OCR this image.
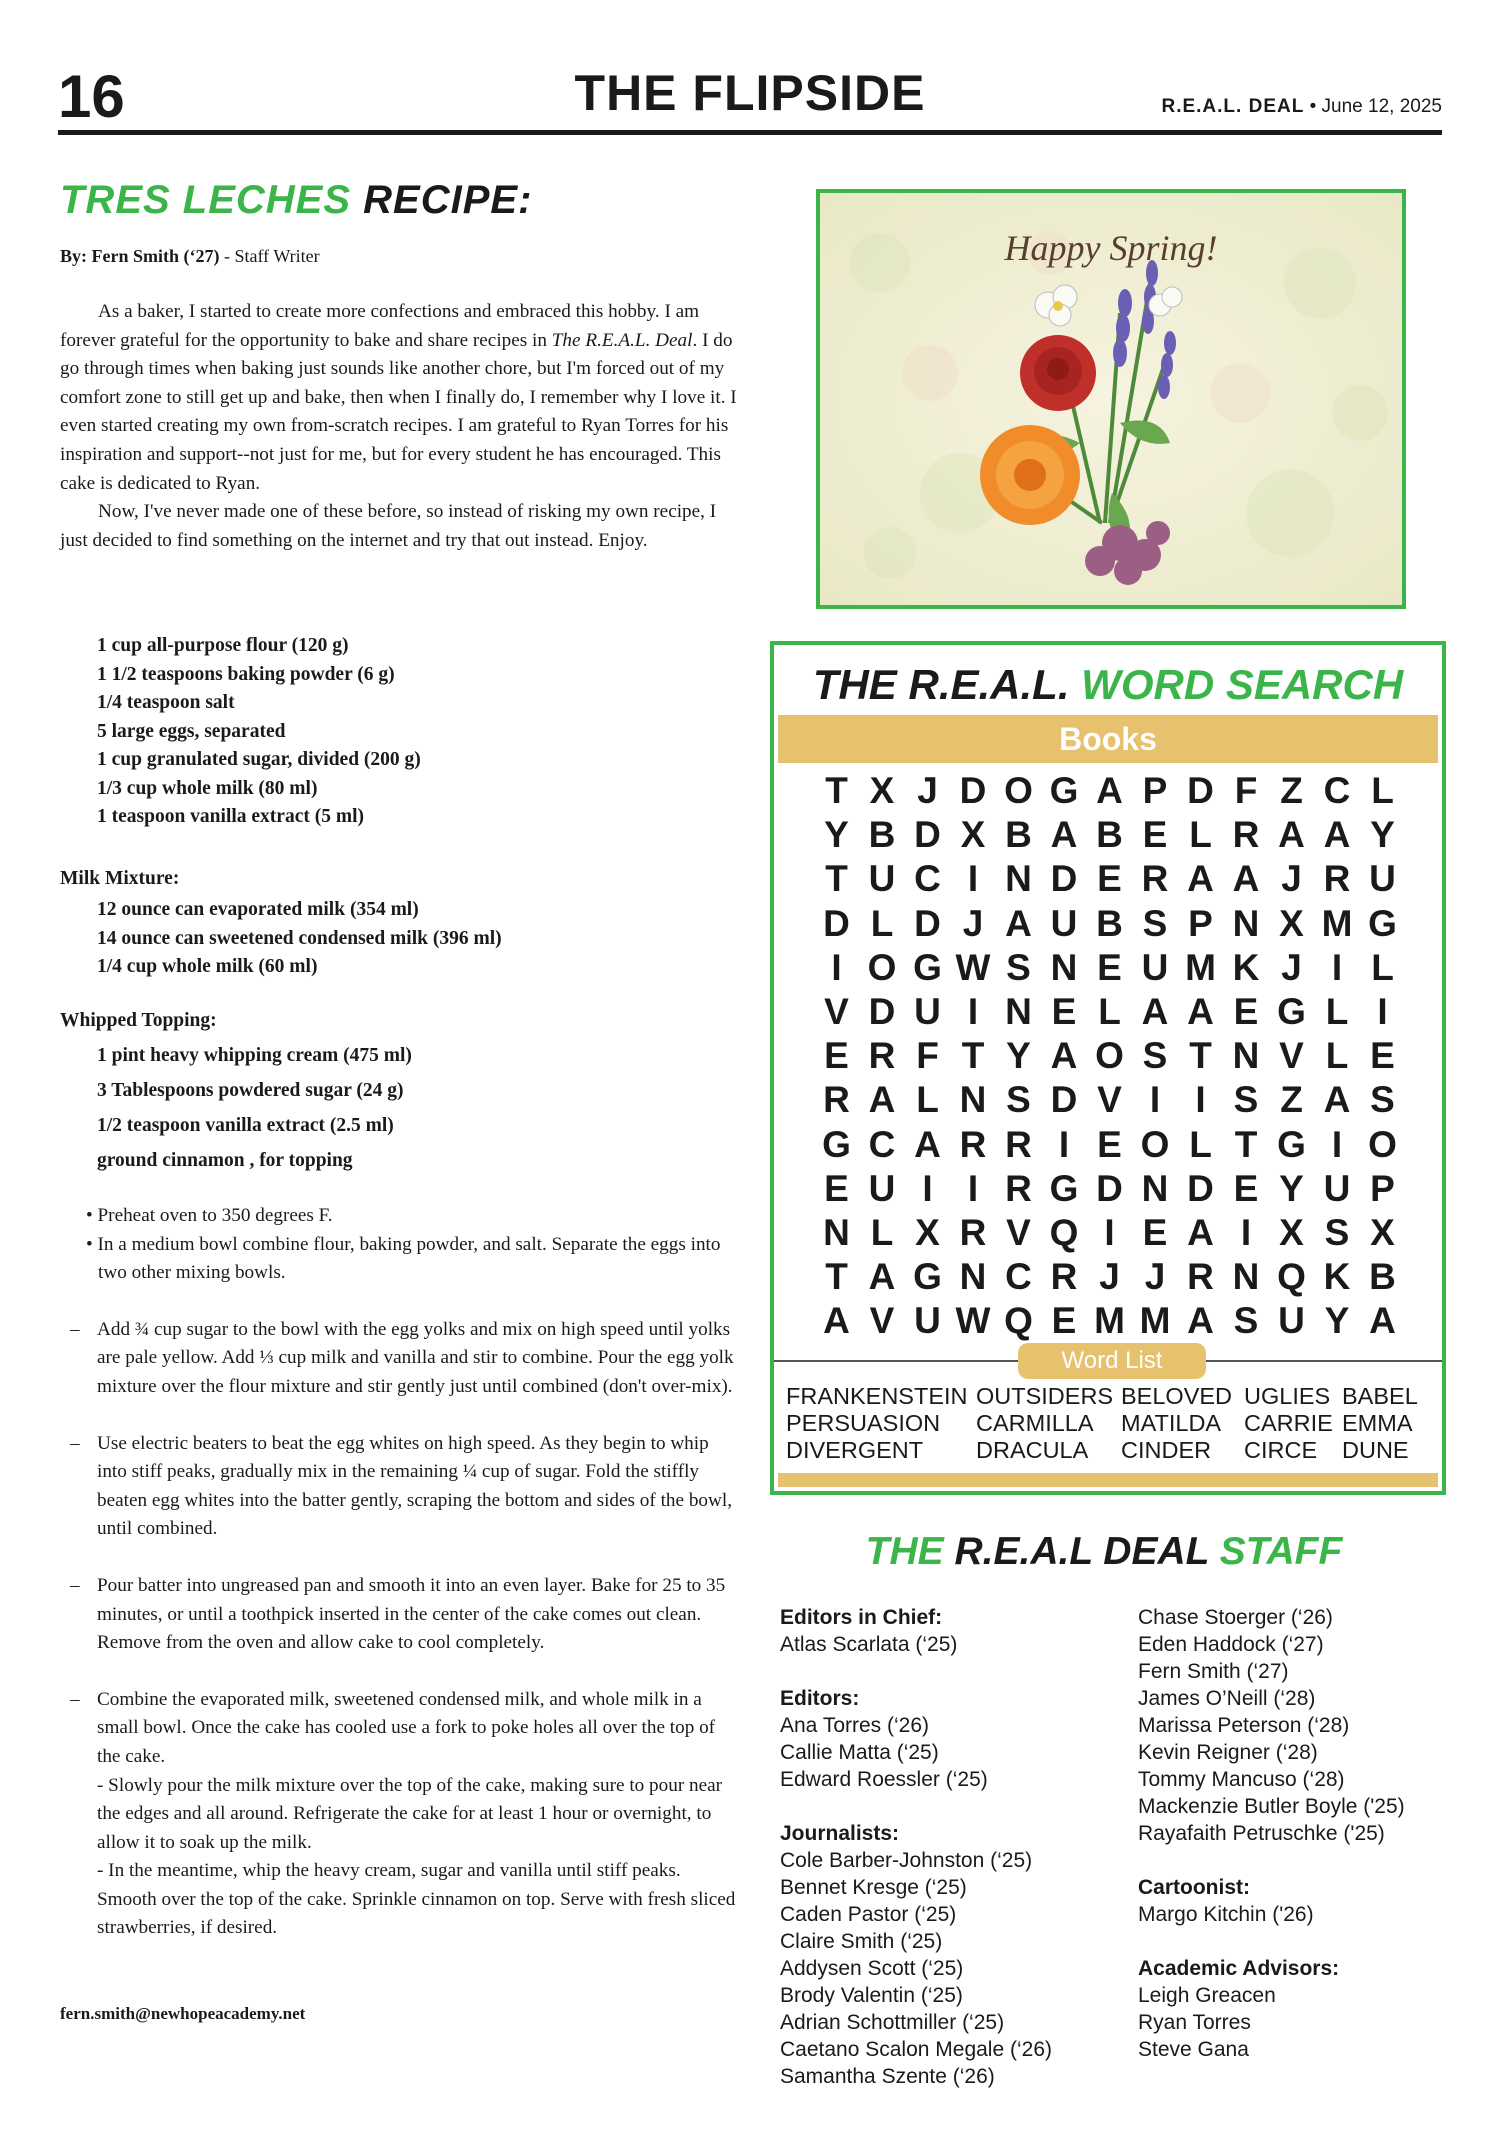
16	THE FLIPSIDE	R.E.A.L. DEAL • June 12, 2025
TRES LECHES RECIPE:
By: Fern Smith (‘27) - Staff Writer

As a baker, I started to create more confections and embraced this hobby. I am forever grateful for the opportunity to bake and share recipes in The R.E.A.L. Deal. I do go through times when baking just sounds like another chore, but I'm forced out of my comfort zone to still get up and bake, then when I finally do, I remember why I love it. I even started creating my own from-scratch recipes. I am grateful to Ryan Torres for his inspiration and support--not just for me, but for every student he has encouraged. This cake is dedicated to Ryan.

Now, I've never made one of these before, so instead of risking my own recipe, I just decided to find something on the internet and try that out instead. Enjoy.

1 cup all-purpose flour (120 g)
1 1/2 teaspoons baking powder (6 g)
1/4 teaspoon salt
5 large eggs, separated
1 cup granulated sugar, divided (200 g)
1/3 cup whole milk (80 ml)
1 teaspoon vanilla extract (5 ml)
Milk Mixture:
12 ounce can evaporated milk (354 ml)
14 ounce can sweetened condensed milk (396 ml)
1/4 cup whole milk (60 ml)
Whipped Topping:
1 pint heavy whipping cream (475 ml)
3 Tablespoons powdered sugar (24 g)
1/2 teaspoon vanilla extract (2.5 ml)
ground cinnamon , for topping
• Preheat oven to 350 degrees F.
• In a medium bowl combine flour, baking powder, and salt. Separate the eggs into two other mixing bowls.
– Add ¾ cup sugar to the bowl with the egg yolks and mix on high speed until yolks are pale yellow. Add ⅓ cup milk and vanilla and stir to combine. Pour the egg yolk mixture over the flour mixture and stir gently just until combined (don't over-mix).
– Use electric beaters to beat the egg whites on high speed. As they begin to whip into stiff peaks, gradually mix in the remaining ¼ cup of sugar. Fold the stiffly beaten egg whites into the batter gently, scraping the bottom and sides of the bowl, until combined.
– Pour batter into ungreased pan and smooth it into an even layer. Bake for 25 to 35 minutes, or until a toothpick inserted in the center of the cake comes out clean. Remove from the oven and allow cake to cool completely.
– Combine the evaporated milk, sweetened condensed milk, and whole milk in a small bowl. Once the cake has cooled use a fork to poke holes all over the top of the cake.
- Slowly pour the milk mixture over the top of the cake, making sure to pour near the edges and all around. Refrigerate the cake for at least 1 hour or overnight, to allow it to soak up the milk.
- In the meantime, whip the heavy cream, sugar and vanilla until stiff peaks. Smooth over the top of the cake. Sprinkle cinnamon on top. Serve with fresh sliced strawberries, if desired.
fern.smith@newhopeacademy.net
Happy Spring!
THE R.E.A.L. WORD SEARCH
Books
T X J D O G A P D F Z C L
Y B D X B A B E L R A A Y
T U C I N D E R A A J R U
D L D J A U B S P N X M G
I O G W S N E U M K J I L
V D U I N E L A A E G L I
E R F T Y A O S T N V L E
R A L N S D V I I S Z A S
G C A R R I E O L T G I O
E U I I R G D N D E Y U P
N L X R V Q I E A I X S X
T A G N C R J J R N Q K B
A V U W Q E M M A S U Y A
Word List
FRANKENSTEIN
PERSUASION
DIVERGENT
OUTSIDERS
CARMILLA
DRACULA
BELOVED
MATILDA
CINDER
UGLIES
CARRIE
CIRCE
BABEL
EMMA
DUNE
THE R.E.A.L DEAL STAFF
Editors in Chief:
Atlas Scarlata (‘25)
Editors:
Ana Torres (‘26)
Callie Matta (‘25)
Edward Roessler (‘25)
Journalists:
Cole Barber-Johnston (‘25)
Bennet Kresge (‘25)
Caden Pastor (‘25)
Claire Smith (‘25)
Addysen Scott (‘25)
Brody Valentin (‘25)
Adrian Schottmiller (‘25)
Caetano Scalon Megale (‘26)
Samantha Szente (‘26)
Chase Stoerger (‘26)
Eden Haddock (‘27)
Fern Smith (‘27)
James O’Neill (‘28)
Marissa Peterson (‘28)
Kevin Reigner (‘28)
Tommy Mancuso (‘28)
Mackenzie Butler Boyle ('25)
Rayafaith Petruschke ('25)
Cartoonist:
Margo Kitchin ('26)
Academic Advisors:
Leigh Greacen
Ryan Torres
Steve Gana
